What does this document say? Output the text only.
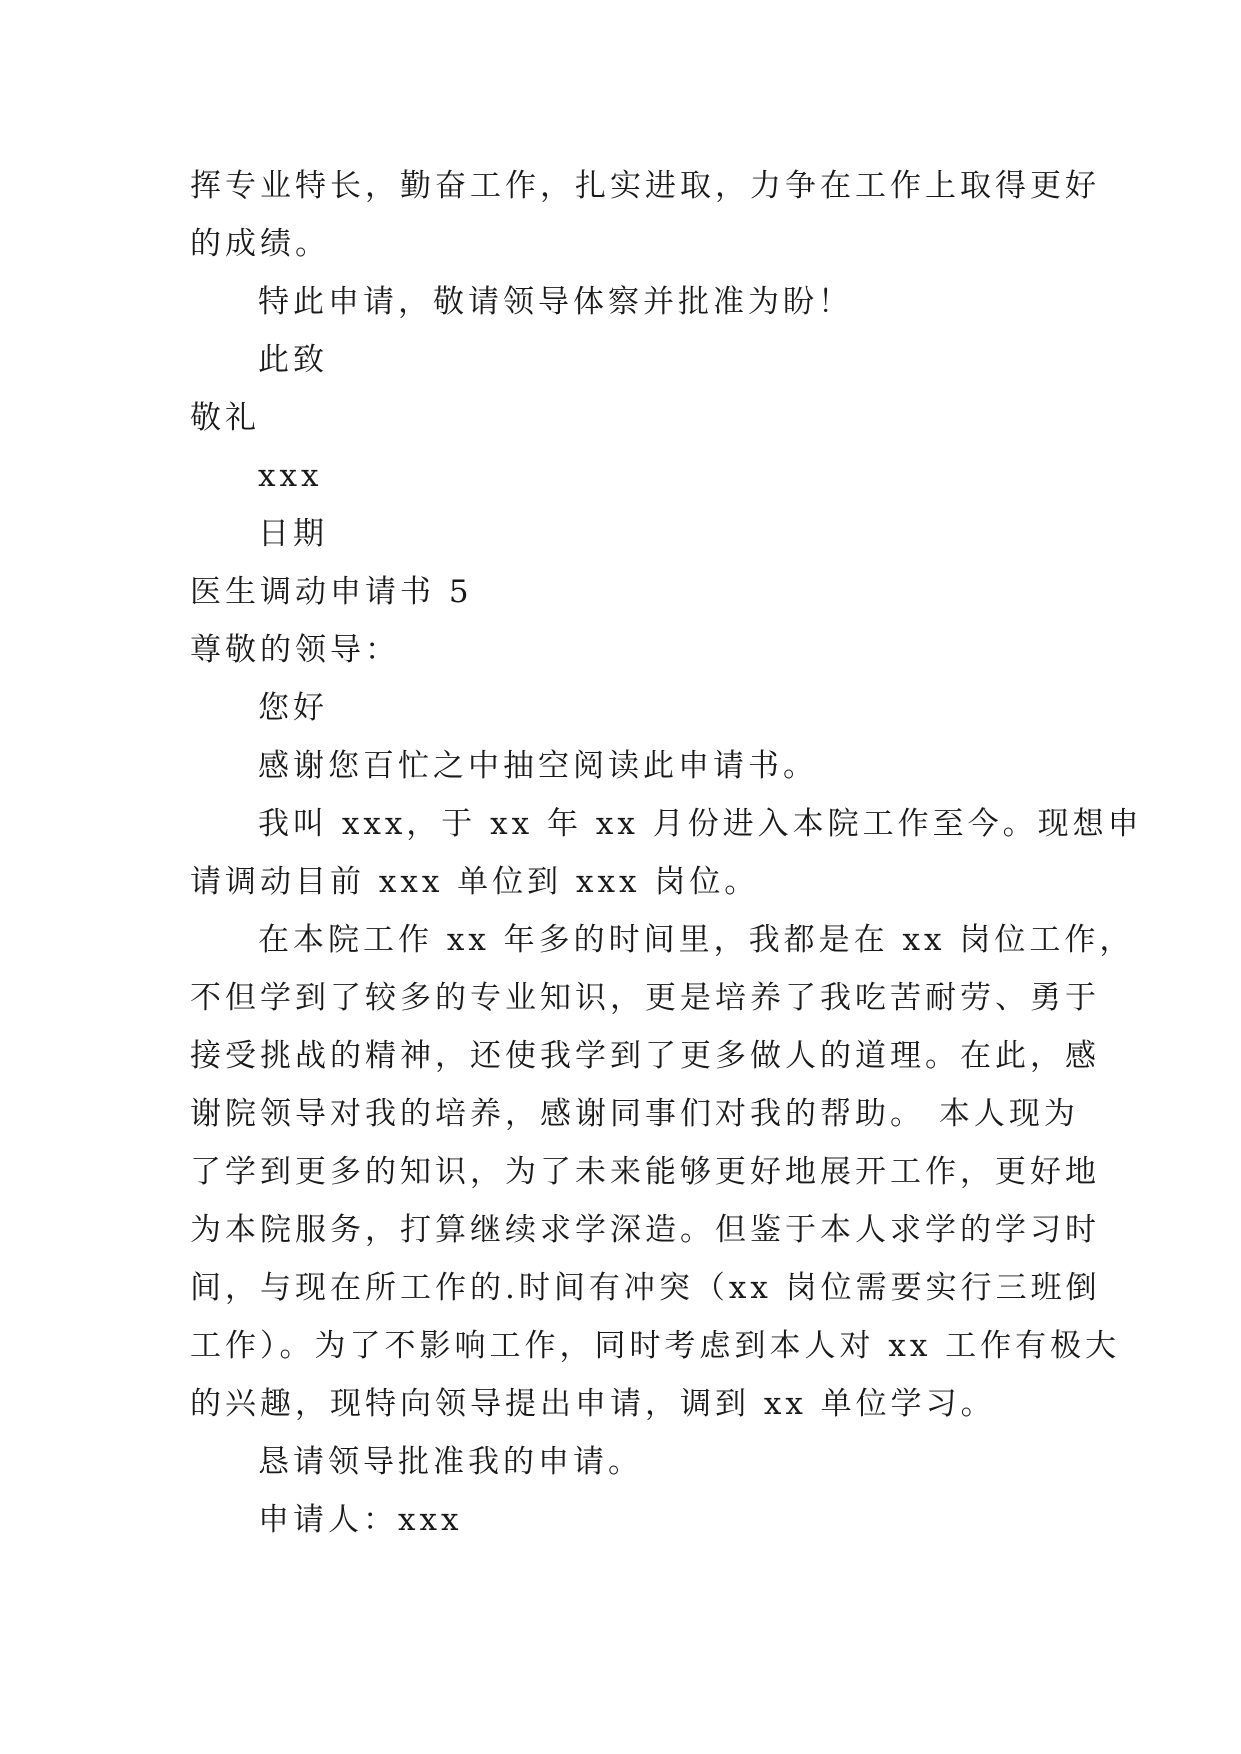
挥专业特长，勤奋工作，扎实进取，力争在工作上取得更好
的成绩。
特此申请，敬请领导体察并批准为盼！
此致
敬礼
xxx
日期
医生调动申请书 5
尊敬的领导：
您好
感谢您百忙之中抽空阅读此申请书。
我叫 xxx，于 xx 年 xx 月份进入本院工作至今。现想申
请调动目前 xxx 单位到 xxx 岗位。
在本院工作 xx 年多的时间里，我都是在 xx 岗位工作，
不但学到了较多的专业知识，更是培养了我吃苦耐劳、勇于
接受挑战的精神，还使我学到了更多做人的道理。在此，感
谢院领导对我的培养，感谢同事们对我的帮助。 本人现为
了学到更多的知识，为了未来能够更好地展开工作，更好地
为本院服务，打算继续求学深造。但鉴于本人求学的学习时
间，与现在所工作的.时间有冲突（xx 岗位需要实行三班倒
工作）。为了不影响工作，同时考虑到本人对 xx 工作有极大
的兴趣，现特向领导提出申请，调到 xx 单位学习。
恳请领导批准我的申请。
申请人：xxx
